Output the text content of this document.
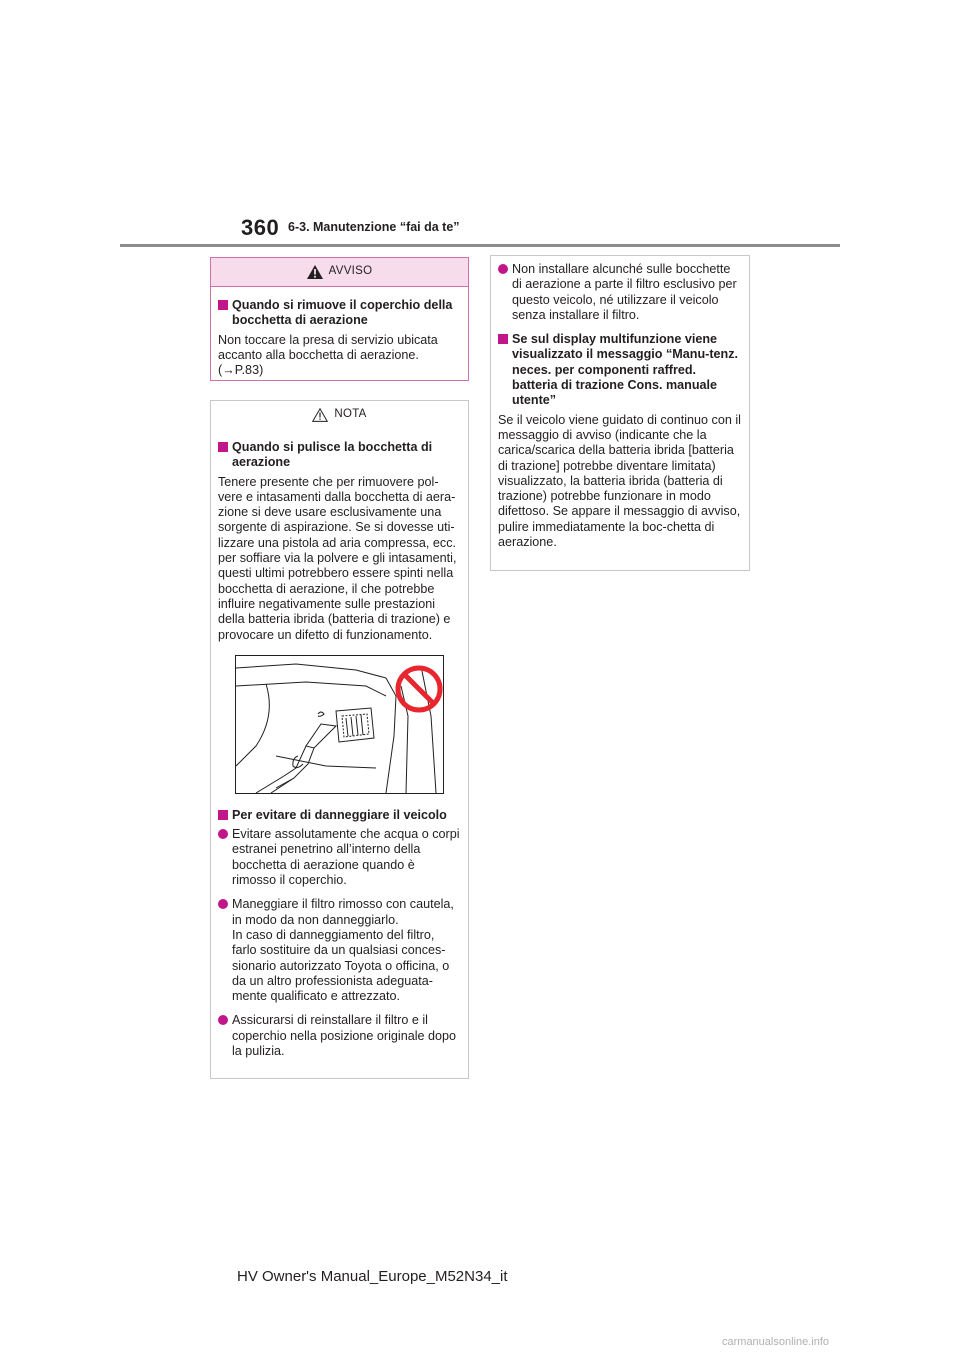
360 6-3. Manutenzione “fai da te”
AVVISO
Quando si rimuove il coperchio della bocchetta di aerazione
Non toccare la presa di servizio ubicata accanto alla bocchetta di aerazione.
(→P.83)
NOTA
Quando si pulisce la bocchetta di aerazione
Tenere presente che per rimuovere pol-vere e intasamenti dalla bocchetta di aera-zione si deve usare esclusivamente una sorgente di aspirazione. Se si dovesse uti-lizzare una pistola ad aria compressa, ecc. per soffiare via la polvere e gli intasamenti, questi ultimi potrebbero essere spinti nella bocchetta di aerazione, il che potrebbe influire negativamente sulle prestazioni della batteria ibrida (batteria di trazione) e provocare un difetto di funzionamento.
Per evitare di danneggiare il veicolo
Evitare assolutamente che acqua o corpi estranei penetrino all’interno della bocchetta di aerazione quando è rimosso il coperchio.
Maneggiare il filtro rimosso con cautela, in modo da non danneggiarlo.
In caso di danneggiamento del filtro, farlo sostituire da un qualsiasi conces-sionario autorizzato Toyota o officina, o da un altro professionista adeguata-mente qualificato e attrezzato.
Assicurarsi di reinstallare il filtro e il coperchio nella posizione originale dopo la pulizia.
Non installare alcunché sulle bocchette di aerazione a parte il filtro esclusivo per questo veicolo, né utilizzare il veicolo senza installare il filtro.
Se sul display multifunzione viene visualizzato il messaggio “Manu-tenz. neces. per componenti raffred. batteria di trazione Cons. manuale utente”
Se il veicolo viene guidato di continuo con il messaggio di avviso (indicante che la carica/scarica della batteria ibrida [batteria di trazione] potrebbe diventare limitata) visualizzato, la batteria ibrida (batteria di trazione) potrebbe funzionare in modo difettoso. Se appare il messaggio di avviso, pulire immediatamente la boc-chetta di aerazione.
HV Owner's Manual_Europe_M52N34_it
carmanualsonline.info
